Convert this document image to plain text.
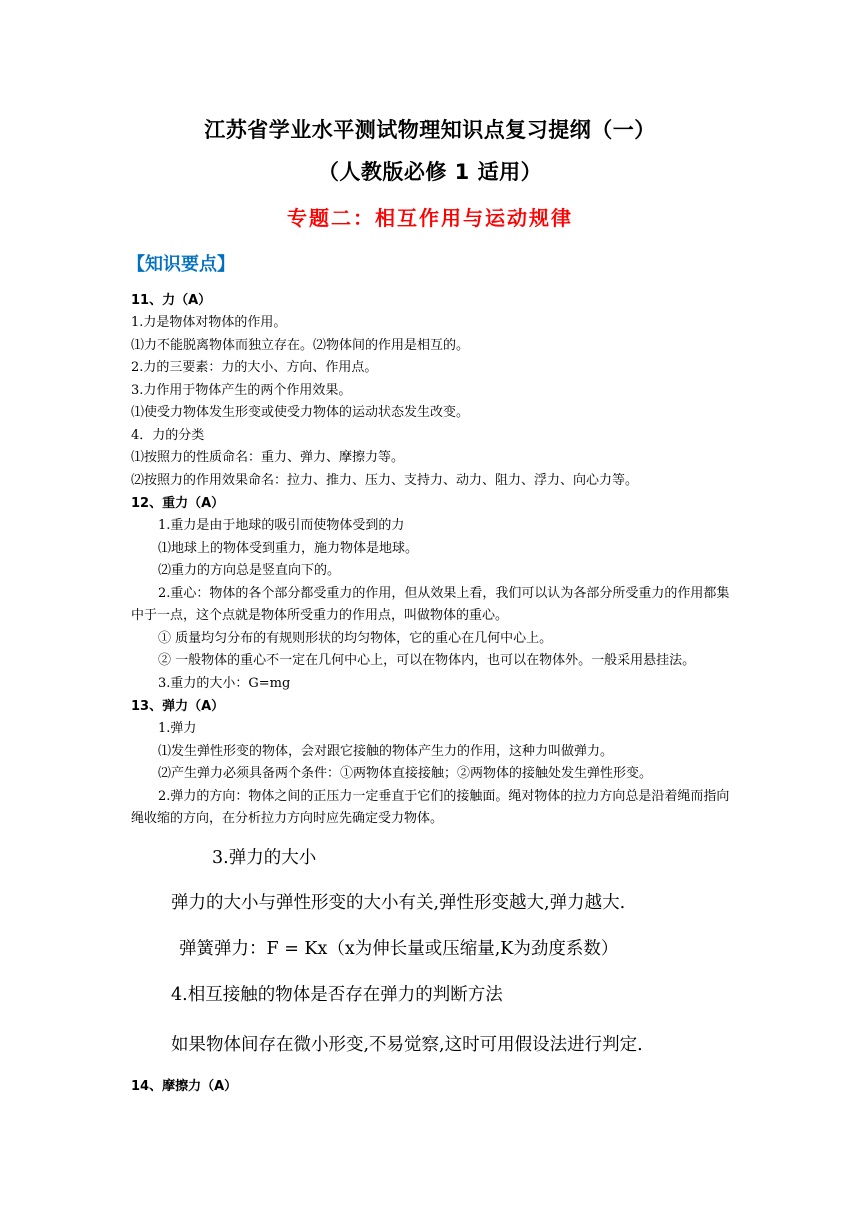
江苏省学业水平测试物理知识点复习提纲（一）
（人教版必修 1 适用）
专题二：相互作用与运动规律
【知识要点】
11、力（A）
1.力是物体对物体的作用。
⑴力不能脱离物体而独立存在。⑵物体间的作用是相互的。
2.力的三要素：力的大小、方向、作用点。
3.力作用于物体产生的两个作用效果。
⑴使受力物体发生形变或使受力物体的运动状态发生改变。
4．力的分类
⑴按照力的性质命名：重力、弹力、摩擦力等。
⑵按照力的作用效果命名：拉力、推力、压力、支持力、动力、阻力、浮力、向心力等。
12、重力（A）
1.重力是由于地球的吸引而使物体受到的力
⑴地球上的物体受到重力，施力物体是地球。
⑵重力的方向总是竖直向下的。
2.重心：物体的各个部分都受重力的作用，但从效果上看，我们可以认为各部分所受重力的作用都集中于一点，这个点就是物体所受重力的作用点，叫做物体的重心。
① 质量均匀分布的有规则形状的均匀物体，它的重心在几何中心上。
② 一般物体的重心不一定在几何中心上，可以在物体内，也可以在物体外。一般采用悬挂法。
3.重力的大小：G=mg
13、弹力（A）
1.弹力
⑴发生弹性形变的物体，会对跟它接触的物体产生力的作用，这种力叫做弹力。
⑵产生弹力必须具备两个条件：①两物体直接接触；②两物体的接触处发生弹性形变。
2.弹力的方向：物体之间的正压力一定垂直于它们的接触面。绳对物体的拉力方向总是沿着绳而指向绳收缩的方向，在分析拉力方向时应先确定受力物体。
3.弹力的大小
弹力的大小与弹性形变的大小有关,弹性形变越大,弹力越大.
弹簧弹力：F = Kx（x为伸长量或压缩量,K为劲度系数）
4.相互接触的物体是否存在弹力的判断方法
如果物体间存在微小形变,不易觉察,这时可用假设法进行判定.
14、摩擦力（A）
